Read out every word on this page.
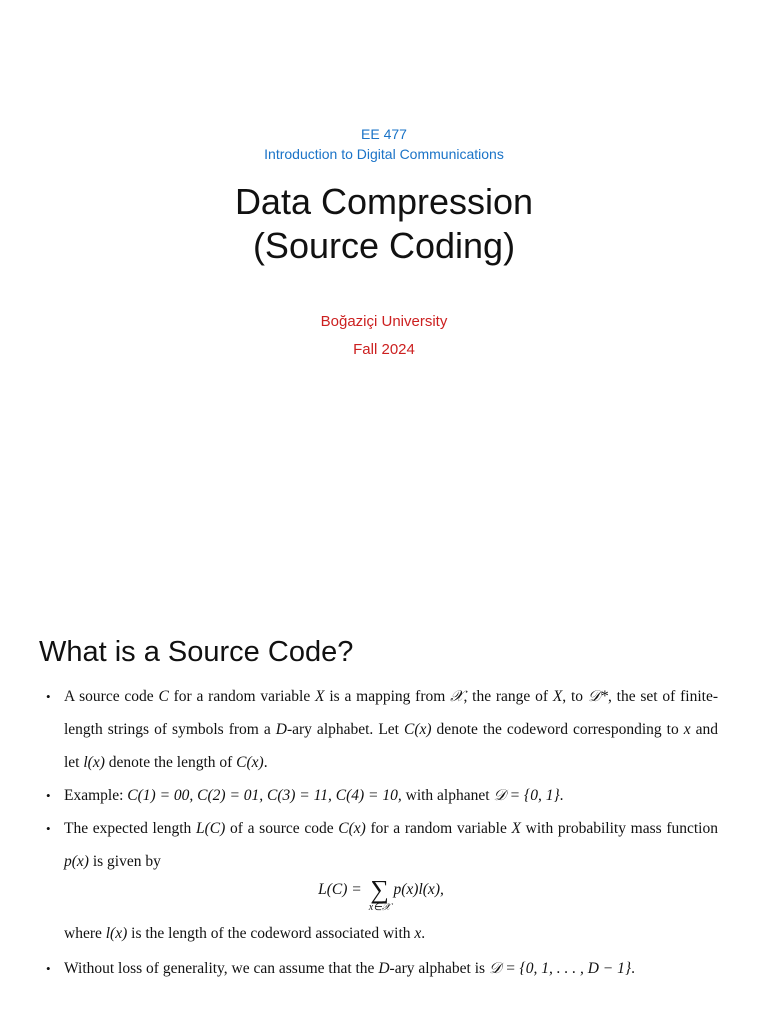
EE 477
Introduction to Digital Communications
Data Compression
(Source Coding)
Boğaziçi University
Fall 2024
What is a Source Code?
• A source code C for a random variable X is a mapping from 𝒳, the range of X, to 𝒟*, the set of finite-length strings of symbols from a D-ary alphabet. Let C(x) denote the codeword corresponding to x and let l(x) denote the length of C(x).
• Example: C(1) = 00, C(2) = 01, C(3) = 11, C(4) = 10, with alphanet 𝒟 = {0, 1}.
• The expected length L(C) of a source code C(x) for a random variable X with probability mass function p(x) is given by
L(C) = ∑
x∈𝒳
p(x)l(x),
where l(x) is the length of the codeword associated with x.
• Without loss of generality, we can assume that the D-ary alphabet is 𝒟 = {0, 1, . . . , D − 1}.
